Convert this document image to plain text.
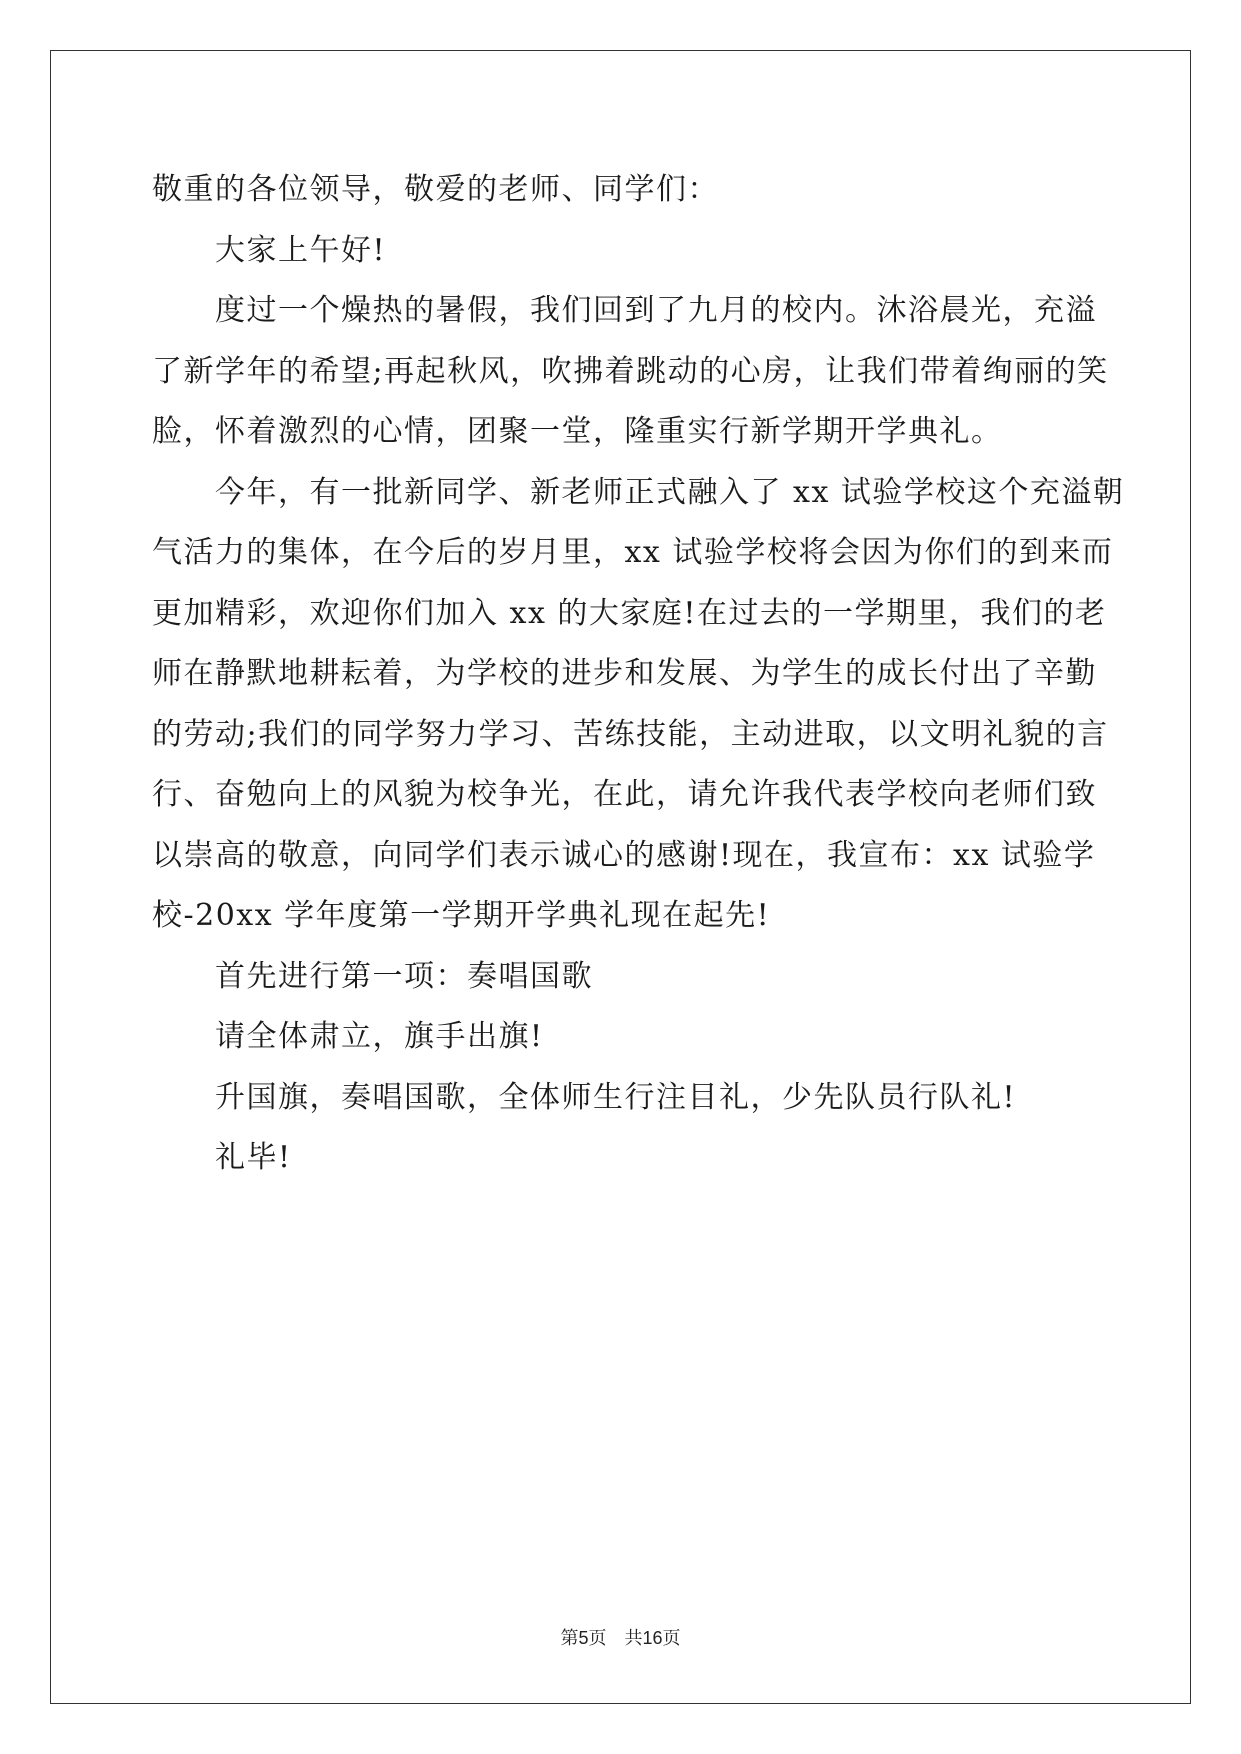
敬重的各位领导，敬爱的老师、同学们：
大家上午好!
度过一个燥热的暑假，我们回到了九月的校内。沐浴晨光，充溢
了新学年的希望;再起秋风，吹拂着跳动的心房，让我们带着绚丽的笑
脸，怀着激烈的心情，团聚一堂，隆重实行新学期开学典礼。
今年，有一批新同学、新老师正式融入了 xx 试验学校这个充溢朝
气活力的集体，在今后的岁月里，xx 试验学校将会因为你们的到来而
更加精彩，欢迎你们加入 xx 的大家庭!在过去的一学期里，我们的老
师在静默地耕耘着，为学校的进步和发展、为学生的成长付出了辛勤
的劳动;我们的同学努力学习、苦练技能，主动进取，以文明礼貌的言
行、奋勉向上的风貌为校争光，在此，请允许我代表学校向老师们致
以崇高的敬意，向同学们表示诚心的感谢!现在，我宣布：xx 试验学
校-20xx 学年度第一学期开学典礼现在起先!
首先进行第一项：奏唱国歌
请全体肃立，旗手出旗!
升国旗，奏唱国歌，全体师生行注目礼，少先队员行队礼!
礼毕!
第5页　共16页
